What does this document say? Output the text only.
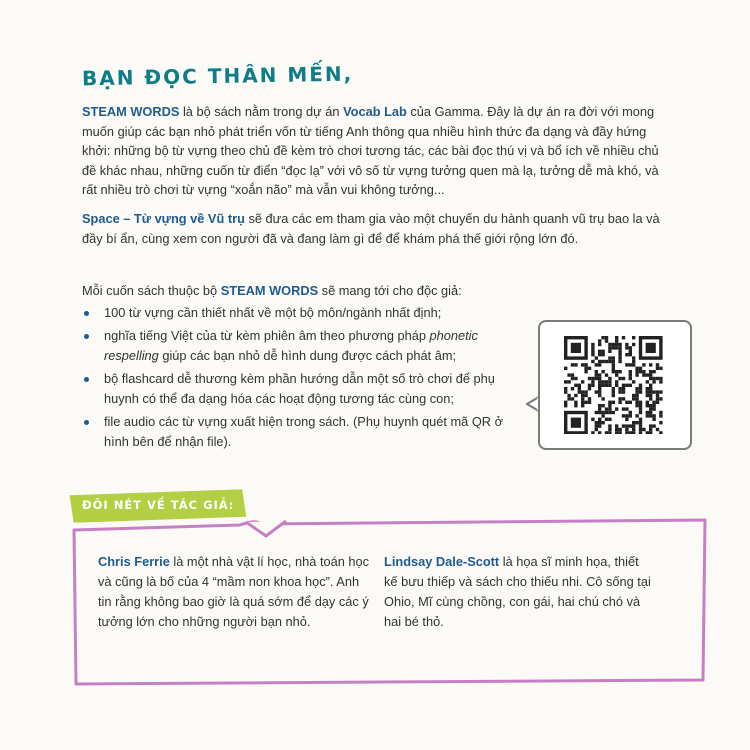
BẠN ĐỌC THÂN MẾN,
STEAM WORDS là bộ sách nằm trong dự án Vocab Lab của Gamma. Đây là dự án ra đời với mong muốn giúp các bạn nhỏ phát triển vốn từ tiếng Anh thông qua nhiều hình thức đa dạng và đầy hứng khởi: những bộ từ vựng theo chủ đề kèm trò chơi tương tác, các bài đọc thú vị và bổ ích về nhiều chủ đề khác nhau, những cuốn từ điển “đọc lạ” với vô số từ vựng tưởng quen mà lạ, tưởng dễ mà khó, và rất nhiều trò chơi từ vựng “xoắn não” mà vẫn vui không tưởng...
Space – Từ vựng về Vũ trụ sẽ đưa các em tham gia vào một chuyến du hành quanh vũ trụ bao la và đầy bí ẩn, cùng xem con người đã và đang làm gì để để khám phá thế giới rộng lớn đó.
Mỗi cuốn sách thuộc bộ STEAM WORDS sẽ mang tới cho độc giả:
100 từ vựng cần thiết nhất về một bộ môn/ngành nhất định;
nghĩa tiếng Việt của từ kèm phiên âm theo phương pháp phonetic respelling giúp các bạn nhỏ dễ hình dung được cách phát âm;
bộ flashcard dễ thương kèm phần hướng dẫn một số trò chơi để phụ huynh có thể đa dạng hóa các hoạt động tương tác cùng con;
file audio các từ vựng xuất hiện trong sách. (Phụ huynh quét mã QR ở hình bên để nhận file).
ĐÔI NÉT VỀ TÁC GIẢ:
Chris Ferrie là một nhà vật lí học, nhà toán học và cũng là bố của 4 “mầm non khoa học”. Anh tin rằng không bao giờ là quá sớm để dạy các ý tưởng lớn cho những người bạn nhỏ.
Lindsay Dale-Scott là họa sĩ minh họa, thiết kế bưu thiếp và sách cho thiếu nhi. Cô sống tại Ohio, Mĩ cùng chồng, con gái, hai chú chó và hai bé thỏ.
